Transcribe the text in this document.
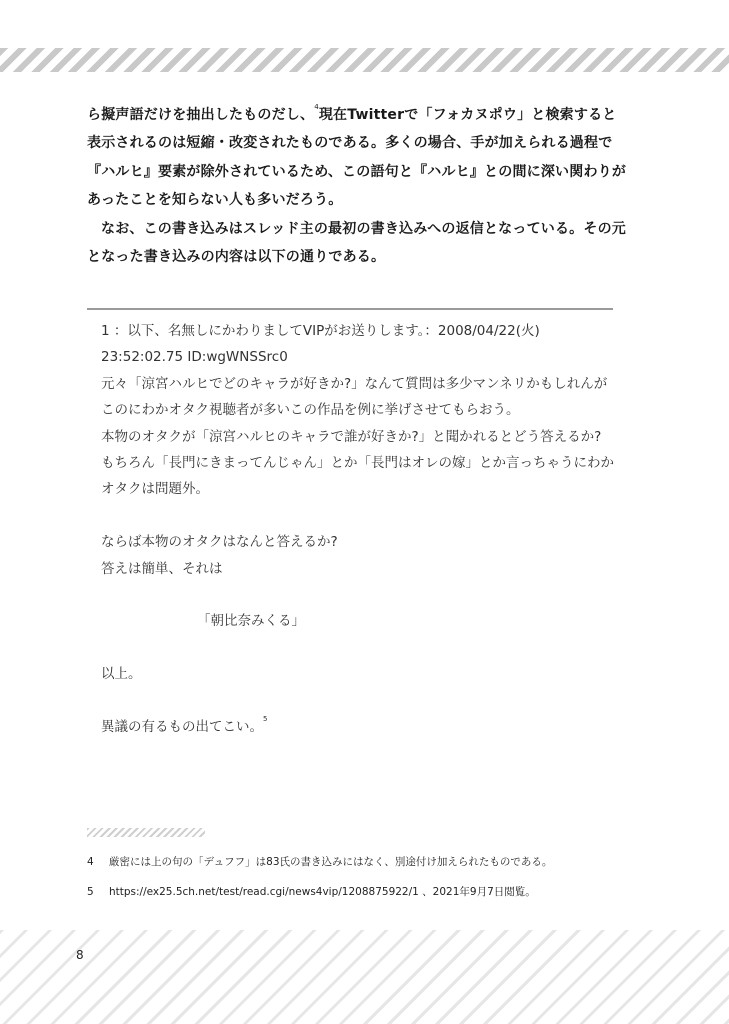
ら擬声語だけを抽出したものだし、$^4$現在Twitterで「フォカヌポウ」と検索すると表示されるのは短縮・改変されたものである。多くの場合、手が加えられる過程で『ハルヒ』要素が除外されているため、この語句と『ハルヒ』との間に深い関わりがあったことを知らない人も多いだろう。

なお、この書き込みはスレッド主の最初の書き込みへの返信となっている。その元となった書き込みの内容は以下の通りである。

1 ：以下、名無しにかわりましてVIPがお送りします。：2008/04/22(火)

23:52:02.75 ID:wgWNSSrc0

元々「涼宮ハルヒでどのキャラが好きか?」なんて質問は多少マンネリかもしれんが

このにわかオタク視聴者が多いこの作品を例に挙げさせてもらおう。

本物のオタクが「涼宮ハルヒのキャラで誰が好きか?」と聞かれるとどう答えるか?

もちろん「長門にきまってんじゃん」とか「長門はオレの嫁」とか言っちゃうにわかオタクは問題外。

ならば本物のオタクはなんと答えるか?

答えは簡単、それは

「朝比奈みくる」

以上。

異議の有るもの出てこい。$^5$

4	厳密には上の句の「デュフフ」は83氏の書き込みにはなく、別途付け加えられたものである。
5	https://ex25.5ch.net/test/read.cgi/news4vip/1208875922/1 、2021年9月7日閲覧。
8
